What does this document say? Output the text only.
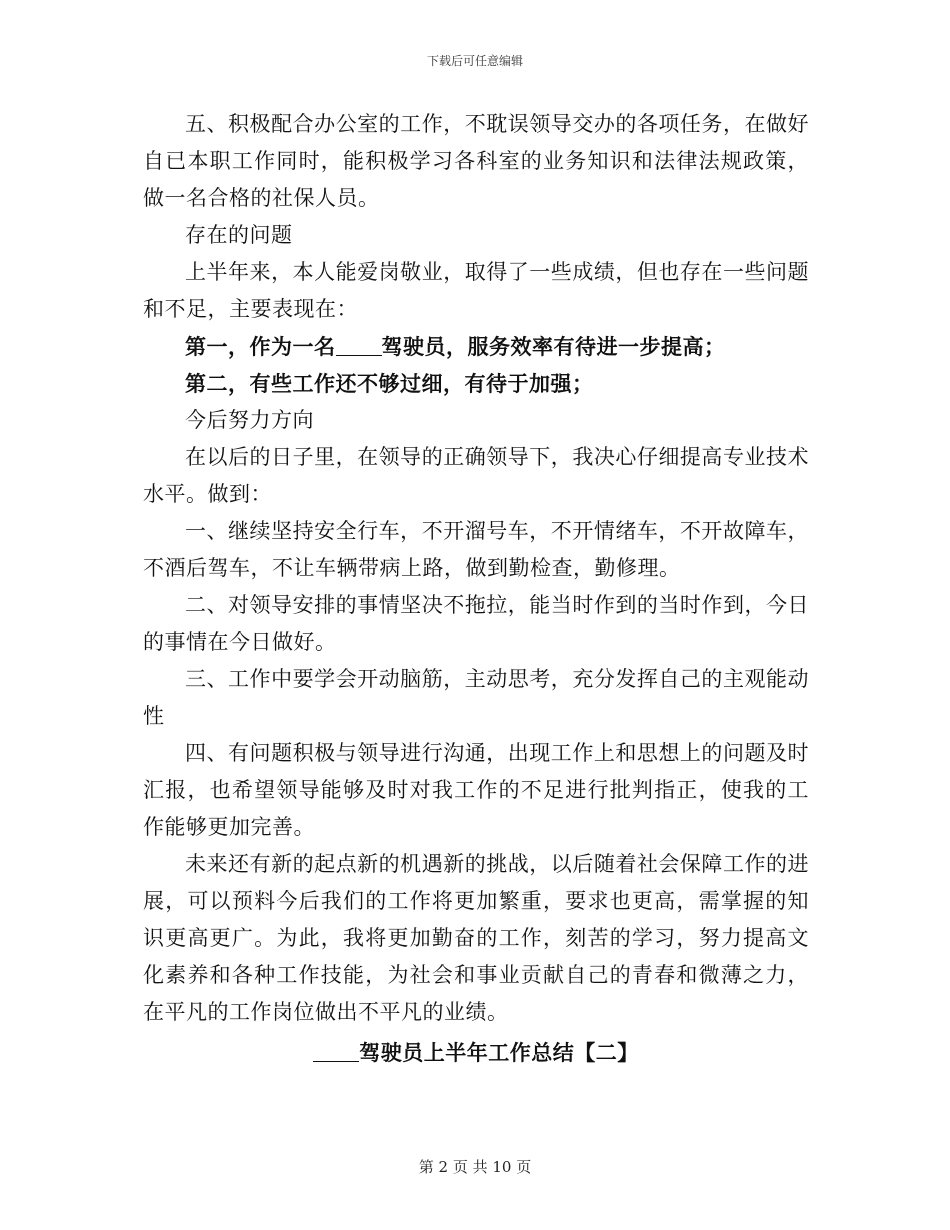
下载后可任意编辑

五、积极配合办公室的工作，不耽误领导交办的各项任务，在做好自已本职工作同时，能积极学习各科室的业务知识和法律法规政策，做一名合格的社保人员。

存在的问题

上半年来，本人能爱岗敬业，取得了一些成绩，但也存在一些问题和不足，主要表现在：

第一，作为一名 驾驶员，服务效率有待进一步提高；

第二，有些工作还不够过细，有待于加强；

今后努力方向

在以后的日子里，在领导的正确领导下，我决心仔细提高专业技术水平。做到：

一、继续坚持安全行车，不开溜号车，不开情绪车，不开故障车，不酒后驾车，不让车辆带病上路，做到勤检查，勤修理。

二、对领导安排的事情坚决不拖拉，能当时作到的当时作到，今日的事情在今日做好。

三、工作中要学会开动脑筋，主动思考，充分发挥自己的主观能动性

四、有问题积极与领导进行沟通，出现工作上和思想上的问题及时汇报，也希望领导能够及时对我工作的不足进行批判指正，使我的工作能够更加完善。

未来还有新的起点新的机遇新的挑战，以后随着社会保障工作的进展，可以预料今后我们的工作将更加繁重，要求也更高，需掌握的知识更高更广。为此，我将更加勤奋的工作，刻苦的学习，努力提高文化素养和各种工作技能，为社会和事业贡献自己的青春和微薄之力，在平凡的工作岗位做出不平凡的业绩。

驾驶员上半年工作总结【二】

第 2 页 共 10 页
